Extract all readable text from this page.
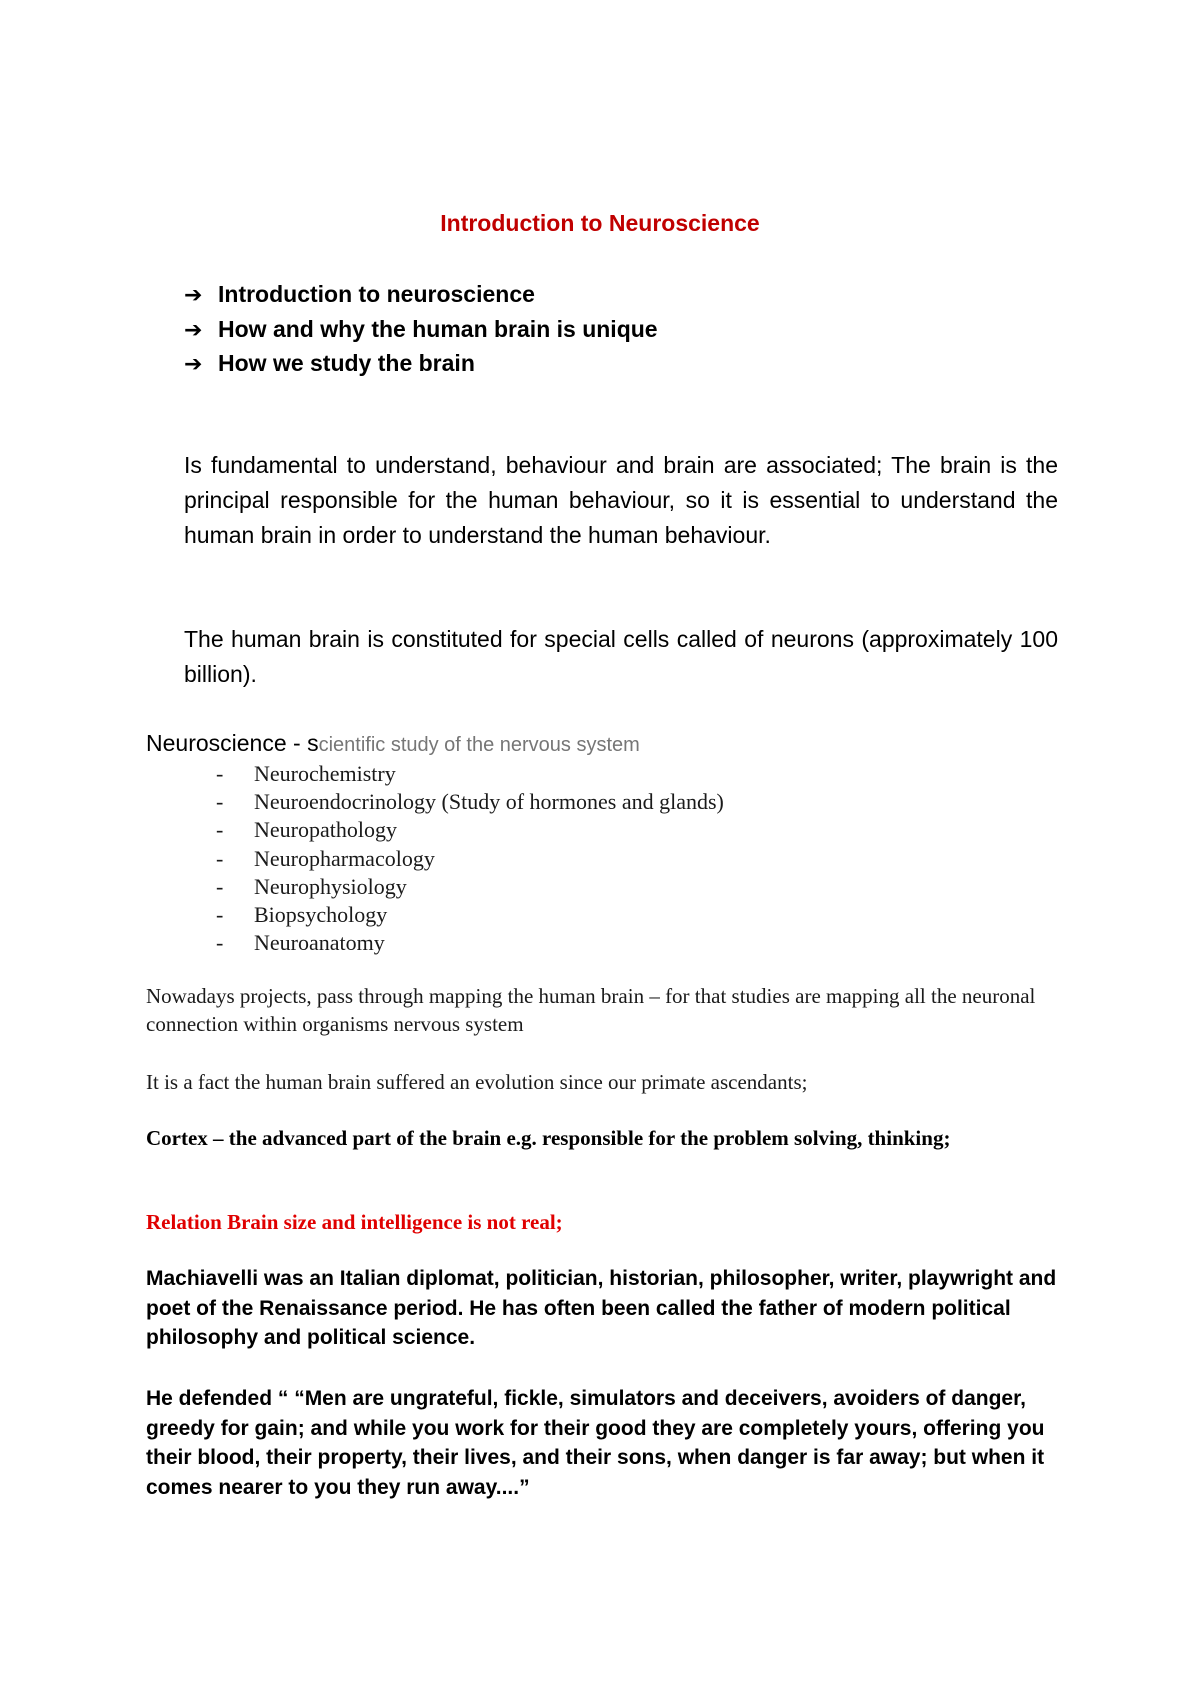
Introduction to Neuroscience
➔ Introduction to neuroscience
➔ How and why the human brain is unique
➔ How we study the brain

Is fundamental to understand, behaviour and brain are associated; The brain is the principal responsible for the human behaviour, so it is essential to understand the human brain in order to understand the human behaviour.

The human brain is constituted for special cells called of neurons (approximately 100 billion).

Neuroscience - scientific study of the nervous system
- Neurochemistry
- Neuroendocrinology (Study of hormones and glands)
- Neuropathology
- Neuropharmacology
- Neurophysiology
- Biopsychology
- Neuroanatomy

Nowadays projects, pass through mapping the human brain – for that studies are mapping all the neuronal connection within organisms nervous system

It is a fact the human brain suffered an evolution since our primate ascendants;

Cortex – the advanced part of the brain e.g. responsible for the problem solving, thinking;

Relation Brain size and intelligence is not real;

Machiavelli was an Italian diplomat, politician, historian, philosopher, writer, playwright and poet of the Renaissance period. He has often been called the father of modern political philosophy and political science.

He defended “ “Men are ungrateful, fickle, simulators and deceivers, avoiders of danger, greedy for gain; and while you work for their good they are completely yours, offering you their blood, their property, their lives, and their sons, when danger is far away; but when it comes nearer to you they run away....”
